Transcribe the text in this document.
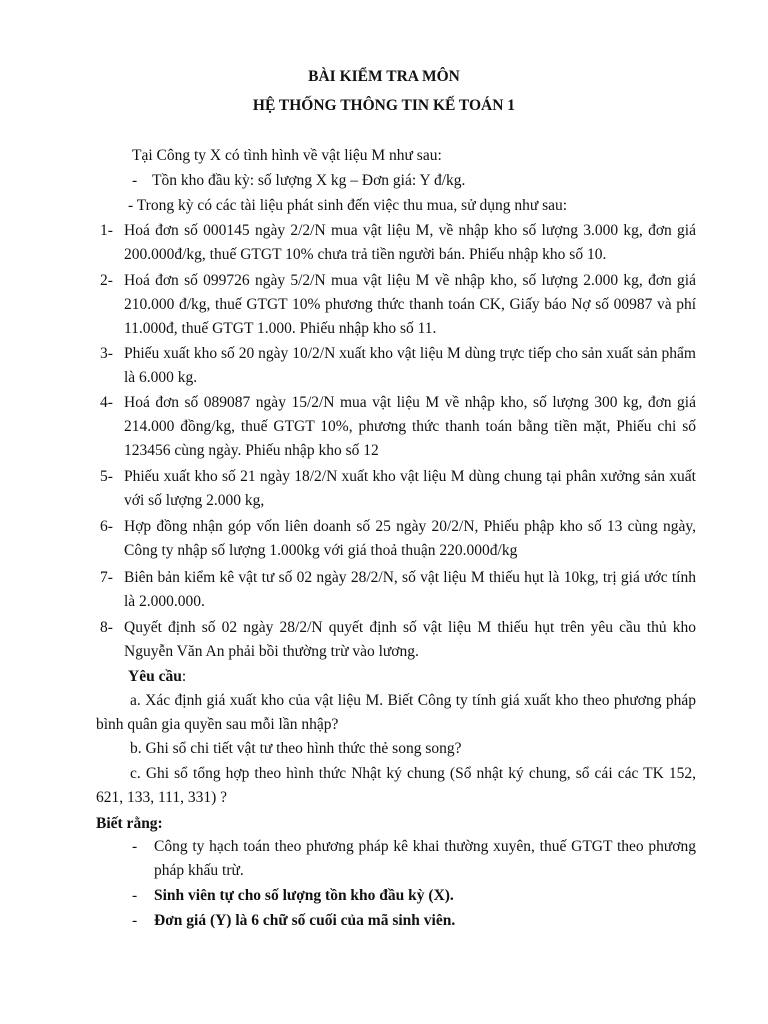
BÀI KIỂM TRA MÔN
HỆ THỐNG THÔNG TIN KẾ TOÁN 1
Tại Công ty X có tình hình về vật liệu M như sau:
- Tồn kho đầu kỳ: số lượng X kg – Đơn giá: Y đ/kg.
- Trong kỳ có các tài liệu phát sinh đến việc thu mua, sử dụng như sau:
1- Hoá đơn số 000145 ngày 2/2/N mua vật liệu M, về nhập kho số lượng 3.000 kg, đơn giá 200.000đ/kg, thuế GTGT 10% chưa trả tiền người bán. Phiếu nhập kho số 10.
2- Hoá đơn số 099726 ngày 5/2/N mua vật liệu M về nhập kho, số lượng 2.000 kg, đơn giá 210.000 đ/kg, thuế GTGT 10% phương thức thanh toán CK, Giấy báo Nợ số 00987 và phí 11.000đ, thuế GTGT 1.000. Phiếu nhập kho số 11.
3- Phiếu xuất kho số 20 ngày 10/2/N xuất kho vật liệu M dùng trực tiếp cho sản xuất sản phẩm là 6.000 kg.
4- Hoá đơn số 089087 ngày 15/2/N mua vật liệu M về nhập kho, số lượng 300 kg, đơn giá 214.000 đồng/kg, thuế GTGT 10%, phương thức thanh toán bằng tiền mặt, Phiếu chi số 123456 cùng ngày. Phiếu nhập kho số 12
5- Phiếu xuất kho số 21 ngày 18/2/N xuất kho vật liệu M dùng chung tại phân xưởng sản xuất với số lượng 2.000 kg,
6- Hợp đồng nhận góp vốn liên doanh số 25 ngày 20/2/N, Phiếu phập kho số 13 cùng ngày, Công ty nhập số lượng 1.000kg với giá thoả thuận 220.000đ/kg
7- Biên bản kiểm kê vật tư số 02 ngày 28/2/N, số vật liệu M thiếu hụt là 10kg, trị giá ước tính là 2.000.000.
8- Quyết định số 02 ngày 28/2/N quyết định số vật liệu M thiếu hụt trên yêu cầu thủ kho Nguyễn Văn An phải bồi thường trừ vào lương.
Yêu cầu:
a. Xác định giá xuất kho của vật liệu M. Biết Công ty tính giá xuất kho theo phương pháp bình quân gia quyền sau mỗi lần nhập?
b. Ghi sổ chi tiết vật tư theo hình thức thẻ song song?
c. Ghi sổ tổng hợp theo hình thức Nhật ký chung (Sổ nhật ký chung, sổ cái các TK 152, 621, 133, 111, 331) ?
Biết rằng:
- Công ty hạch toán theo phương pháp kê khai thường xuyên, thuế GTGT theo phương pháp khấu trừ.
- Sinh viên tự cho số lượng tồn kho đầu kỳ (X).
- Đơn giá (Y) là 6 chữ số cuối của mã sinh viên.
